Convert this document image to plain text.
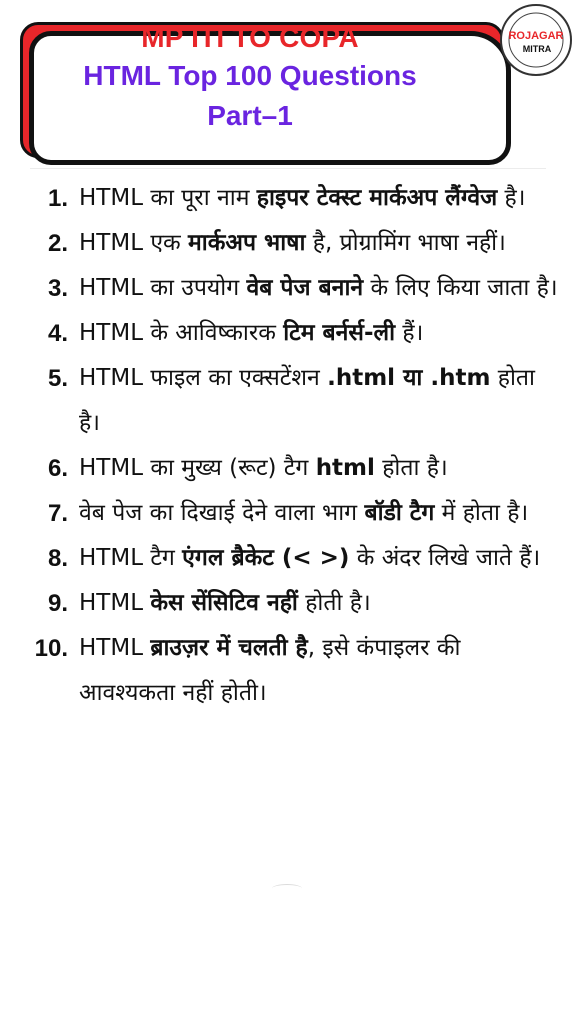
MP ITI TO COPA
HTML Top 100 Questions
Part–1
ROJAGAR
MITRA
1. HTML का पूरा नाम हाइपर टेक्स्ट मार्कअप लैंग्वेज है।
2. HTML एक मार्कअप भाषा है, प्रोग्रामिंग भाषा नहीं।
3. HTML का उपयोग वेब पेज बनाने के लिए किया जाता है।
4. HTML के आविष्कारक टिम बर्नर्स-ली हैं।
5. HTML फाइल का एक्सटेंशन .html या .htm होता है।
6. HTML का मुख्य (रूट) टैग html होता है।
7. वेब पेज का दिखाई देने वाला भाग बॉडी टैग में होता है।
8. HTML टैग एंगल ब्रैकेट (< >) के अंदर लिखे जाते हैं।
9. HTML केस सेंसिटिव नहीं होती है।
10. HTML ब्राउज़र में चलती है, इसे कंपाइलर की आवश्यकता नहीं होती।
